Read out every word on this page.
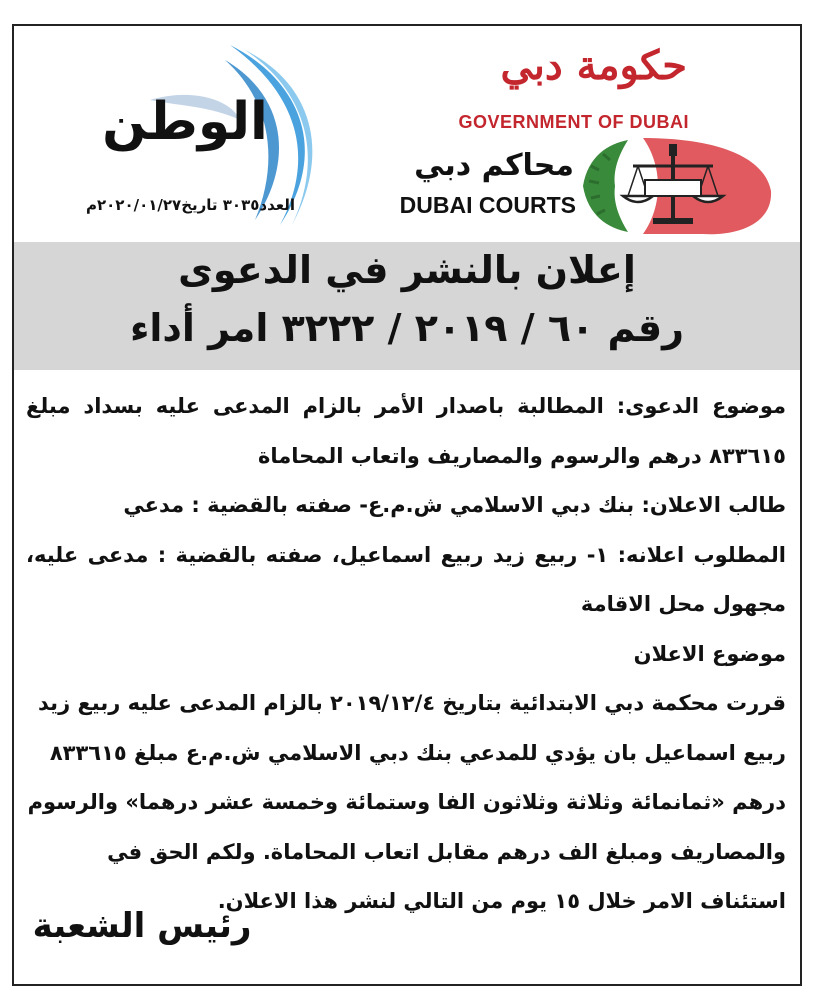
الوطن
العدد٣٠٣٥ تاريخ٢٠٢٠/٠١/٢٧م
حكومة دبي
GOVERNMENT OF DUBAI
محاكم دبي
DUBAI COURTS
إعلان بالنشر في الدعوى
رقم ٦٠ / ٢٠١٩ / ٣٢٢٢ امر أداء

موضوع الدعوى: المطالبة باصدار الأمر بالزام المدعى عليه بسداد مبلغ ٨٣٣٦١٥ درهم والرسوم والمصاريف واتعاب المحاماة

طالب الاعلان: بنك دبي الاسلامي ش.م.ع- صفته بالقضية : مدعي

المطلوب اعلانه: ١- ربيع زيد ربيع اسماعيل، صفته بالقضية : مدعى عليه، مجهول محل الاقامة

موضوع الاعلان

قررت محكمة دبي الابتدائية بتاريخ ٢٠١٩/١٢/٤ بالزام المدعى عليه ربيع زيد ربيع اسماعيل بان يؤدي للمدعي بنك دبي الاسلامي ش.م.ع مبلغ ٨٣٣٦١٥ درهم «ثمانمائة وثلاثة وثلاثون الفا وستمائة وخمسة عشر درهما» والرسوم والمصاريف ومبلغ الف درهم مقابل اتعاب المحاماة. ولكم الحق في استئناف الامر خلال ١٥ يوم من التالي لنشر هذا الاعلان.

رئيس الشعبة
